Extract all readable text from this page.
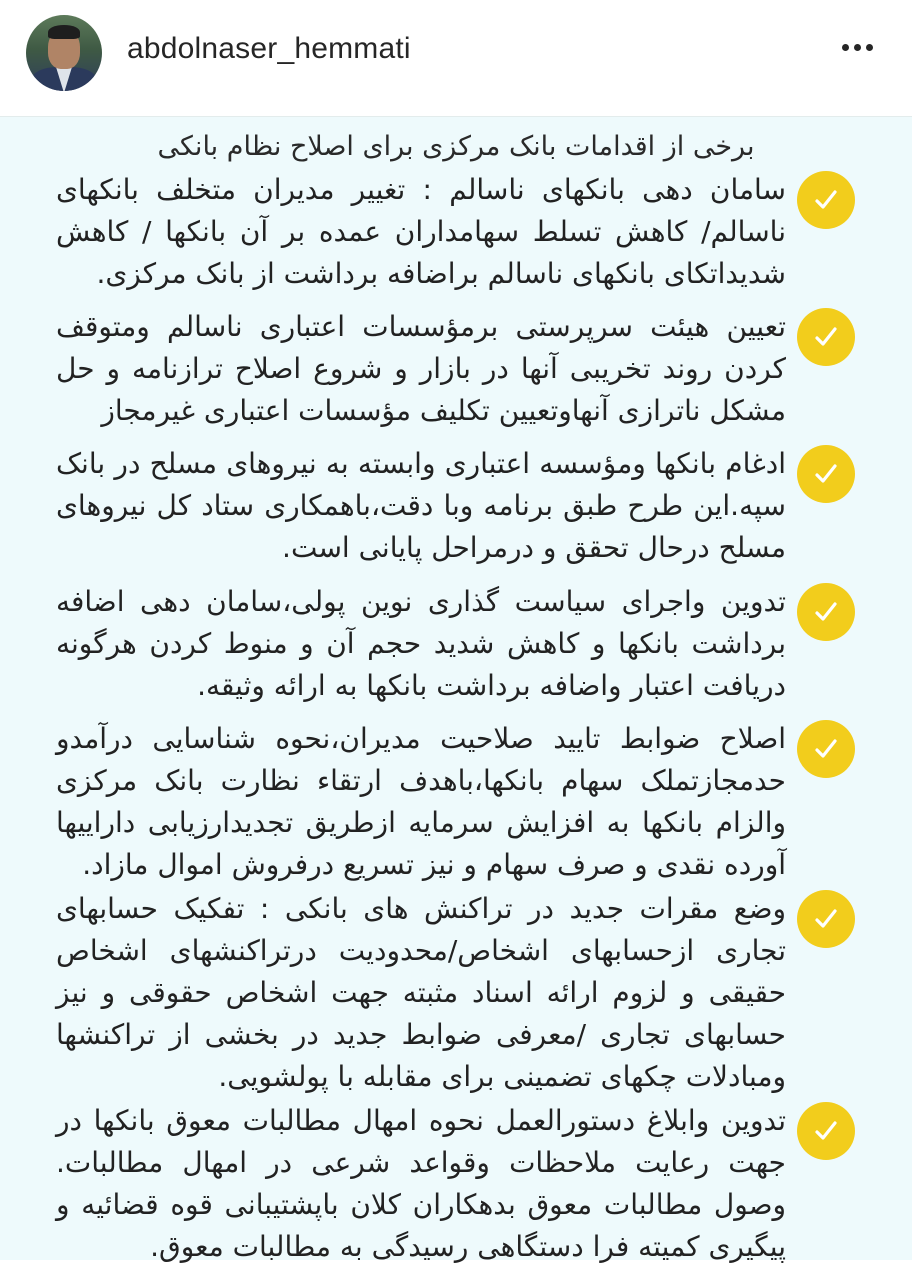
abdolnaser_hemmati
برخی از اقدامات بانک مرکزی برای اصلاح نظام بانکی
سامان دهی بانکهای ناسالم : تغییر مدیران متخلف بانکهای ناسالم/ کاهش تسلط سهامداران عمده بر آن بانکها / کاهش شدیداتکای بانکهای ناسالم براضافه برداشت از بانک مرکزی.
تعیین هیئت سرپرستی برمؤسسات اعتباری ناسالم ومتوقف کردن روند تخریبی آنها در بازار و شروع اصلاح ترازنامه و حل مشکل ناترازی آنهاوتعیین تکلیف مؤسسات اعتباری غیرمجاز
ادغام بانکها ومؤسسه اعتباری وابسته به نیروهای مسلح در بانک سپه.این طرح طبق برنامه وبا دقت،باهمکاری ستاد کل نیروهای مسلح درحال تحقق و درمراحل پایانی است.
تدوین واجرای سیاست گذاری نوین پولی،سامان دهی اضافه برداشت بانکها و کاهش شدید حجم آن و منوط کردن هرگونه دریافت اعتبار واضافه برداشت بانکها به ارائه وثیقه.
اصلاح ضوابط تایید صلاحیت مدیران،نحوه شناسایی درآمدو حدمجازتملک سهام بانکها،باهدف ارتقاء نظارت بانک مرکزی والزام بانکها به افزایش سرمایه ازطریق تجدیدارزیابی داراییها آورده نقدی و صرف سهام و نیز تسریع درفروش اموال مازاد.
وضع مقرات جدید در تراکنش های بانکی : تفکیک حسابهای تجاری ازحسابهای اشخاص/محدودیت درتراکنشهای اشخاص حقیقی و لزوم ارائه اسناد مثبته جهت اشخاص حقوقی و نیز حسابهای تجاری /معرفی ضوابط جدید در بخشی از تراکنشها ومبادلات چکهای تضمینی برای مقابله با پولشویی.
تدوین وابلاغ دستورالعمل نحوه امهال مطالبات معوق بانکها در جهت رعایت ملاحظات وقواعد شرعی در امهال مطالبات. وصول مطالبات معوق بدهکاران کلان باپشتیبانی قوه قضائیه و پیگیری کمیته فرا دستگاهی رسیدگی به مطالبات معوق.
